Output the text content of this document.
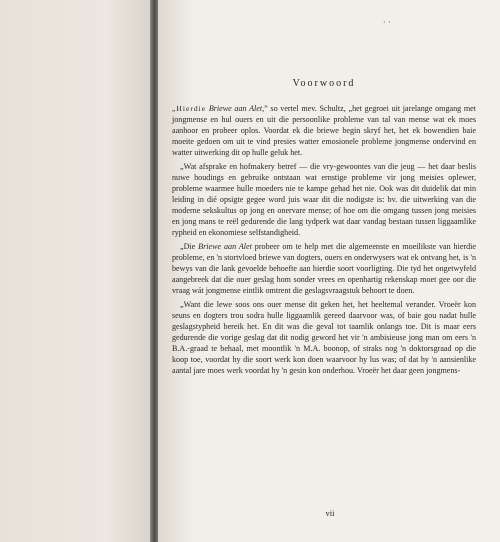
· ·
Voorwoord

„Hierdie Briewe aan Alet,” so vertel mev. Schultz, „het gegroei uit jarelange omgang met jongmense en hul ouers en uit die persoonlike probleme van tal van mense wat ek moes aanhoor en probeer oplos. Voordat ek die briewe begin skryf het, het ek bowendien baie moeite gedoen om uit te vind presies watter emosionele probleme jongmense ondervind en watter uitwerking dit op hulle geluk het.

„Wat afsprake en hofmakery betref — die vry-gewoontes van die jeug — het daar beslis nuwe houdings en gebruike ontstaan wat ernstige probleme vir jong meisies oplewer, probleme waarmee hulle moeders nie te kampe gehad het nie. Ook was dit duidelik dat min leiding in dié opsigte gegee word juis waar dit die nodigste is: bv. die uitwerking van die moderne sekskultus op jong en onervare mense; of hoe om die omgang tussen jong meisies en jong mans te reël gedurende die lang tydperk wat daar vandag bestaan tussen liggaamlike rypheid en ekonomiese selfstandigheid.

„Die Briewe aan Alet probeer om te help met die algemeenste en moeilikste van hierdie probleme, en 'n stortvloed briewe van dogters, ouers en onderwysers wat ek ontvang het, is 'n bewys van die lank gevoelde behoefte aan hierdie soort voorligting. Die tyd het ongetwyfeld aangebreek dat die ouer geslag hom sonder vrees en openhartig rekenskap moet gee oor die vraag wát jongmense eintlik omtrent die geslagsvraagstuk behoort te doen.

„Want die lewe soos ons ouer mense dit geken het, het heeltemal verander. Vroeër kon seuns en dogters trou sodra hulle liggaamlik gereed daarvoor was, of baie gou nadat hulle geslagstypheid bereik het. En dit was die geval tot taamlik onlangs toe. Dit is maar eers gedurende die vorige geslag dat dit nodig geword het vir 'n ambisieuse jong man om eers 'n B.A.-graad te behaal, met moontlik 'n M.A. boonop, of straks nog 'n doktorsgraad op die koop toe, voordat hy die soort werk kon doen waarvoor hy lus was; of dat hy 'n aansienlike aantal jare moes werk voordat hy 'n gesin kon onderhou. Vroeër het daar geen jongmens-

vii
